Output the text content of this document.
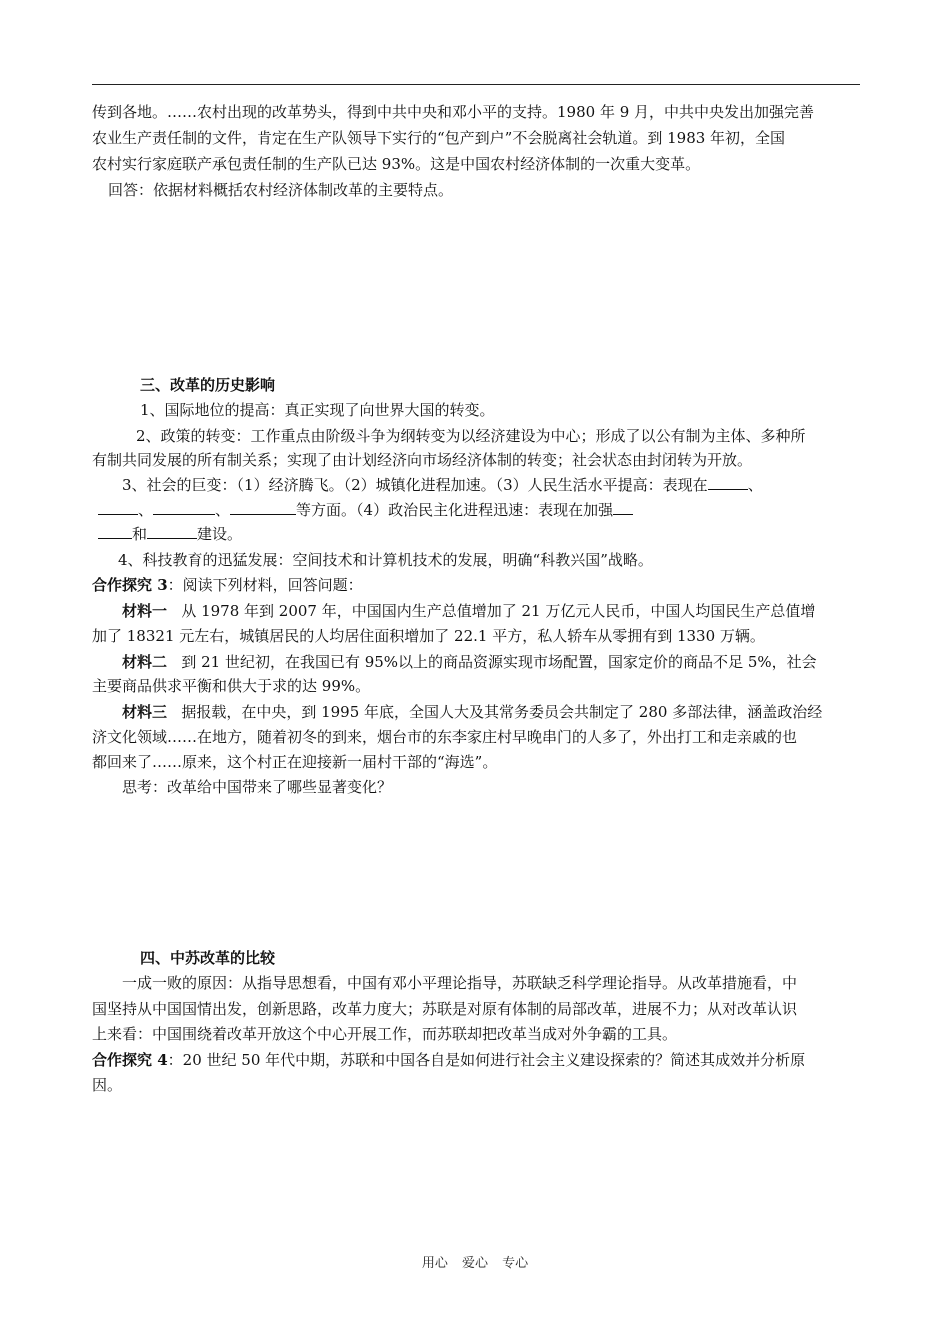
传到各地。……农村出现的改革势头，得到中共中央和邓小平的支持。1980 年 9 月，中共中央发出加强完善
农业生产责任制的文件，肯定在生产队领导下实行的“包产到户”不会脱离社会轨道。到 1983 年初，全国
农村实行家庭联产承包责任制的生产队已达 93%。这是中国农村经济体制的一次重大变革。
回答：依据材料概括农村经济体制改革的主要特点。
三、改革的历史影响
1、国际地位的提高：真正实现了向世界大国的转变。
2、政策的转变：工作重点由阶级斗争为纲转变为以经济建设为中心；形成了以公有制为主体、多种所
有制共同发展的所有制关系；实现了由计划经济向市场经济体制的转变；社会状态由封闭转为开放。
3、社会的巨变：（1）经济腾飞。（2）城镇化进程加速。（3）人民生活水平提高：表现在	、
、	、	等方面。（4）政治民主化进程迅速：表现在加强
和	建设。
4、科技教育的迅猛发展：空间技术和计算机技术的发展，明确“科教兴国”战略。
合作探究 3：阅读下列材料，回答问题：
材料一 从 1978 年到 2007 年，中国国内生产总值增加了 21 万亿元人民币，中国人均国民生产总值增
加了 18321 元左右，城镇居民的人均居住面积增加了 22.1 平方，私人轿车从零拥有到 1330 万辆。
材料二 到 21 世纪初，在我国已有 95%以上的商品资源实现市场配置，国家定价的商品不足 5%，社会
主要商品供求平衡和供大于求的达 99%。
材料三 据报载，在中央，到 1995 年底，全国人大及其常务委员会共制定了 280 多部法律，涵盖政治经
济文化领域……在地方，随着初冬的到来，烟台市的东李家庄村早晚串门的人多了，外出打工和走亲戚的也
都回来了……原来，这个村正在迎接新一届村干部的“海选”。
思考：改革给中国带来了哪些显著变化？
四、中苏改革的比较
一成一败的原因：从指导思想看，中国有邓小平理论指导，苏联缺乏科学理论指导。从改革措施看，中
国坚持从中国国情出发，创新思路，改革力度大；苏联是对原有体制的局部改革，进展不力；从对改革认识
上来看：中国围绕着改革开放这个中心开展工作，而苏联却把改革当成对外争霸的工具。
合作探究 4：20 世纪 50 年代中期，苏联和中国各自是如何进行社会主义建设探索的？简述其成效并分析原
因。
用心 爱心 专心
